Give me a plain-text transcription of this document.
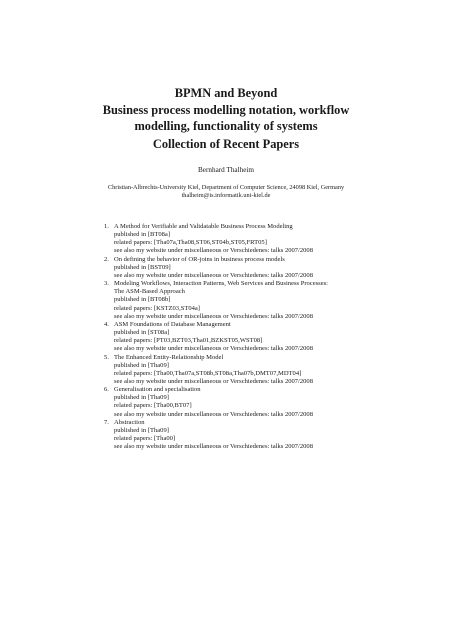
BPMN and Beyond
Business process modelling notation, workflow
modelling, functionality of systems
Collection of Recent Papers
Bernhard Thalheim
Christian-Albrechts-University Kiel, Department of Computer Science, 24098 Kiel, Germany
thalheim@is.informatik.uni-kiel.de
1. A Method for Verifiable and Validatable Business Process Modeling
published in [BT08a]
related papers: [Tha07a,Tha08,ST06,ST04b,ST05,FRT05]
see also my website under miscellaneous or Verschiedenes: talks 2007/2008
2. On defining the behavior of OR-joins in business process models
published in [BST09]
see also my website under miscellaneous or Verschiedenes: talks 2007/2008
3. Modeling Workflows, Interaction Patterns, Web Services and Business Processes:
The ASM-Based Approach
published in [BT08b]
related papers: [KSTZ03,ST04a]
see also my website under miscellaneous or Verschiedenes: talks 2007/2008
4. ASM Foundations of Database Management
published in [ST08a]
related papers: [PT03,BZT03,Tha01,BZKST05,WST08]
see also my website under miscellaneous or Verschiedenes: talks 2007/2008
5. The Enhanced Entity-Relationship Model
published in [Tha09]
related papers: [Tha00,Tha07a,ST08b,ST08a,Tha07b,DMT07,MDT04]
see also my website under miscellaneous or Verschiedenes: talks 2007/2008
6. Generalisation and specialisation
published in [Tha09]
related papers: [Tha00,BT07]
see also my website under miscellaneous or Verschiedenes: talks 2007/2008
7. Abstraction
published in [Tha09]
related papers: [Tha00]
see also my website under miscellaneous or Verschiedenes: talks 2007/2008
